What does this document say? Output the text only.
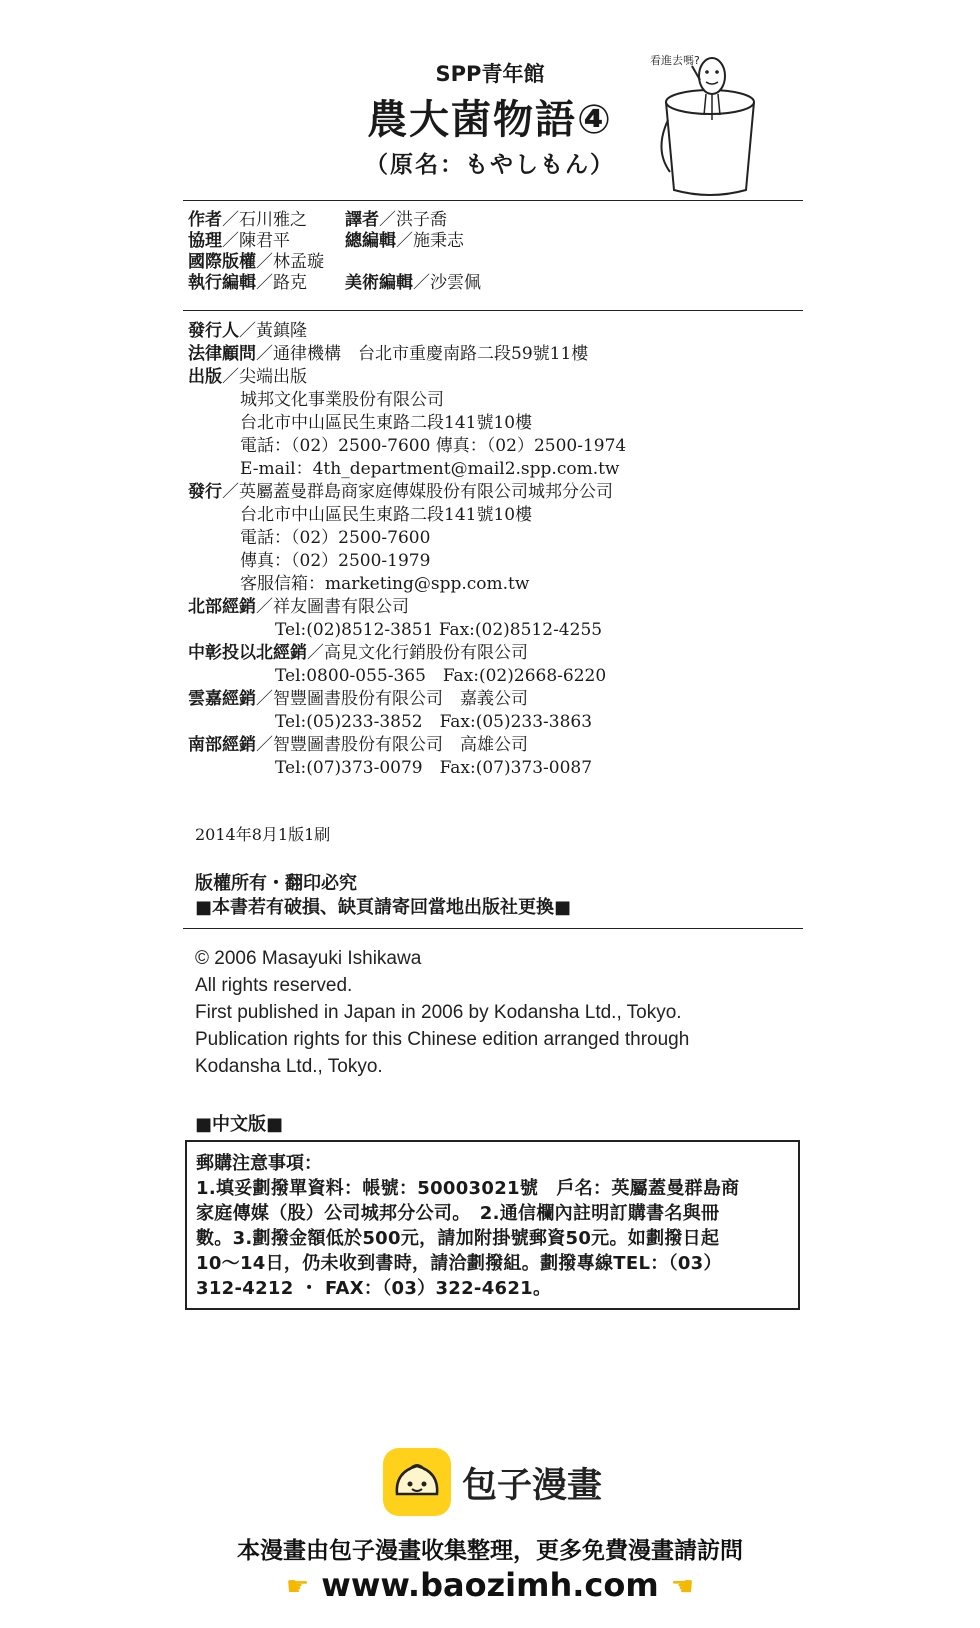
SPP青年館
農大菌物語④
（原名：もやしもん）
看進去嗎?
作者／石川雅之 譯者／洪子喬
協理／陳君平	總編輯／施秉志
國際版權／林孟璇
執行編輯／路克 美術編輯／沙雲佩
發行人／黃鎮隆
法律顧問／通律機構　台北市重慶南路二段59號11樓
出版／尖端出版
城邦文化事業股份有限公司
台北市中山區民生東路二段141號10樓
電話：（02）2500-7600 傳真：（02）2500-1974
E-mail：4th_department@mail2.spp.com.tw
發行／英屬蓋曼群島商家庭傳媒股份有限公司城邦分公司
台北市中山區民生東路二段141號10樓
電話：（02）2500-7600
傳真：（02）2500-1979
客服信箱：marketing@spp.com.tw
北部經銷／祥友圖書有限公司
Tel:(02)8512-3851 Fax:(02)8512-4255
中彰投以北經銷／高見文化行銷股份有限公司
Tel:0800-055-365　Fax:(02)2668-6220
雲嘉經銷／智豐圖書股份有限公司　嘉義公司
Tel:(05)233-3852　Fax:(05)233-3863
南部經銷／智豐圖書股份有限公司　高雄公司
Tel:(07)373-0079　Fax:(07)373-0087
2014年8月1版1刷
版權所有・翻印必究
■本書若有破損、缺頁請寄回當地出版社更換■
© 2006 Masayuki Ishikawa
All rights reserved.
First published in Japan in 2006 by Kodansha Ltd., Tokyo.
Publication rights for this Chinese edition arranged through
Kodansha Ltd., Tokyo.
■中文版■
郵購注意事項：
1.填妥劃撥單資料：帳號：50003021號　戶名：英屬蓋曼群島商
家庭傳媒（股）公司城邦分公司。　2.通信欄內註明訂購書名與冊
數。3.劃撥金額低於500元，請加附掛號郵資50元。如劃撥日起
10〜14日，仍未收到書時，請洽劃撥組。劃撥專線TEL：（03）
312-4212 ・ FAX：（03）322-4621。
包子漫畫
本漫畫由包子漫畫收集整理，更多免費漫畫請訪問
☛ www.baozimh.com ☚
